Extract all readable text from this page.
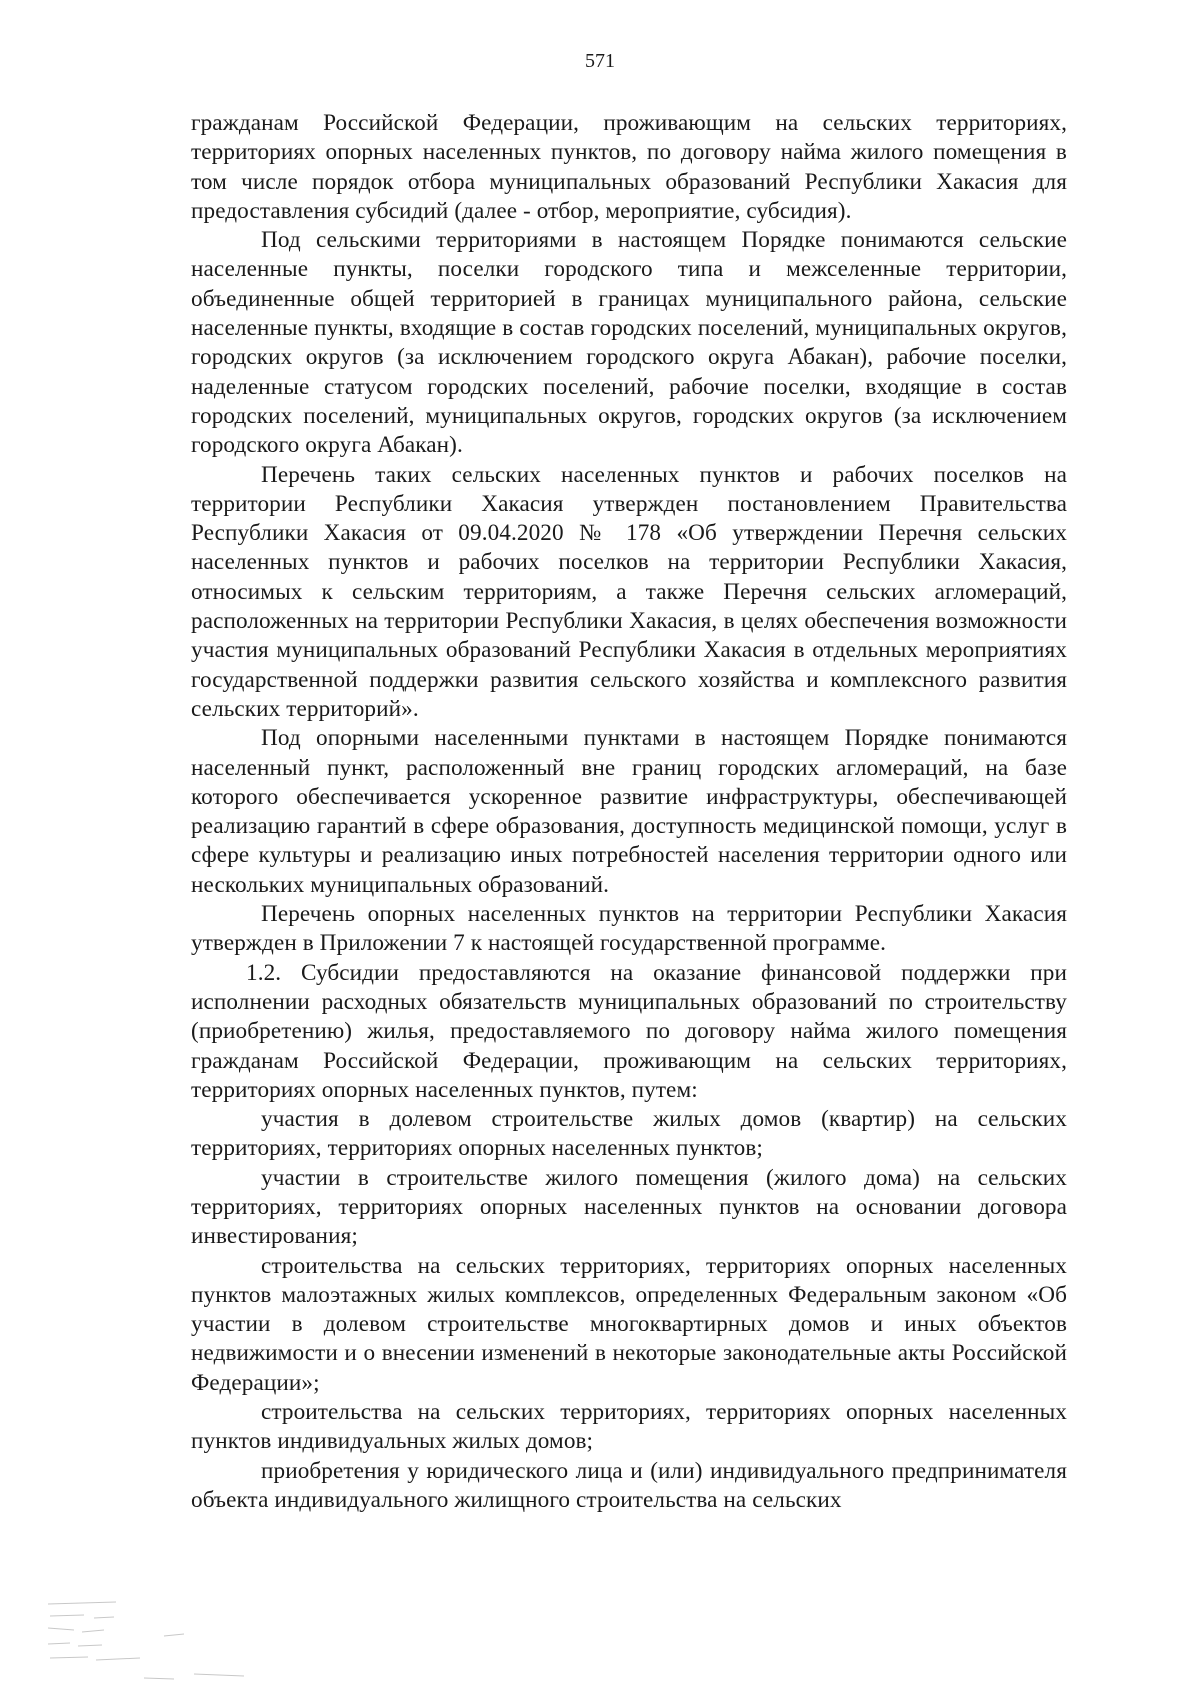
571

гражданам Российской Федерации, проживающим на сельских территориях, территориях опорных населенных пунктов, по договору найма жилого помещения в том числе порядок отбора муниципальных образований Республики Хакасия для предоставления субсидий (далее - отбор, мероприятие, субсидия).

Под сельскими территориями в настоящем Порядке понимаются сельские населенные пункты, поселки городского типа и межселенные территории, объединенные общей территорией в границах муниципального района, сельские населенные пункты, входящие в состав городских поселений, муниципальных округов, городских округов (за исключением городского округа Абакан), рабочие поселки, наделенные статусом городских поселений, рабочие поселки, входящие в состав городских поселений, муниципальных округов, городских округов (за исключением городского округа Абакан).

Перечень таких сельских населенных пунктов и рабочих поселков на территории Республики Хакасия утвержден постановлением Правительства Республики Хакасия от 09.04.2020 № 178 «Об утверждении Перечня сельских населенных пунктов и рабочих поселков на территории Республики Хакасия, относимых к сельским территориям, а также Перечня сельских агломераций, расположенных на территории Республики Хакасия, в целях обеспечения возможности участия муниципальных образований Республики Хакасия в отдельных мероприятиях государственной поддержки развития сельского хозяйства и комплексного развития сельских территорий».

Под опорными населенными пунктами в настоящем Порядке понимаются населенный пункт, расположенный вне границ городских агломераций, на базе которого обеспечивается ускоренное развитие инфраструктуры, обеспечивающей реализацию гарантий в сфере образования, доступность медицинской помощи, услуг в сфере культуры и реализацию иных потребностей населения территории одного или нескольких муниципальных образований.

Перечень опорных населенных пунктов на территории Республики Хакасия утвержден в Приложении 7 к настоящей государственной программе.

1.2. Субсидии предоставляются на оказание финансовой поддержки при исполнении расходных обязательств муниципальных образований по строительству (приобретению) жилья, предоставляемого по договору найма жилого помещения гражданам Российской Федерации, проживающим на сельских территориях, территориях опорных населенных пунктов, путем:

участия в долевом строительстве жилых домов (квартир) на сельских территориях, территориях опорных населенных пунктов;

участии в строительстве жилого помещения (жилого дома) на сельских территориях, территориях опорных населенных пунктов на основании договора инвестирования;

строительства на сельских территориях, территориях опорных населенных пунктов малоэтажных жилых комплексов, определенных Федеральным законом «Об участии в долевом строительстве многоквартирных домов и иных объектов недвижимости и о внесении изменений в некоторые законодательные акты Российской Федерации»;

строительства на сельских территориях, территориях опорных населенных пунктов индивидуальных жилых домов;

приобретения у юридического лица и (или) индивидуального предпринимателя объекта индивидуального жилищного строительства на сельских
